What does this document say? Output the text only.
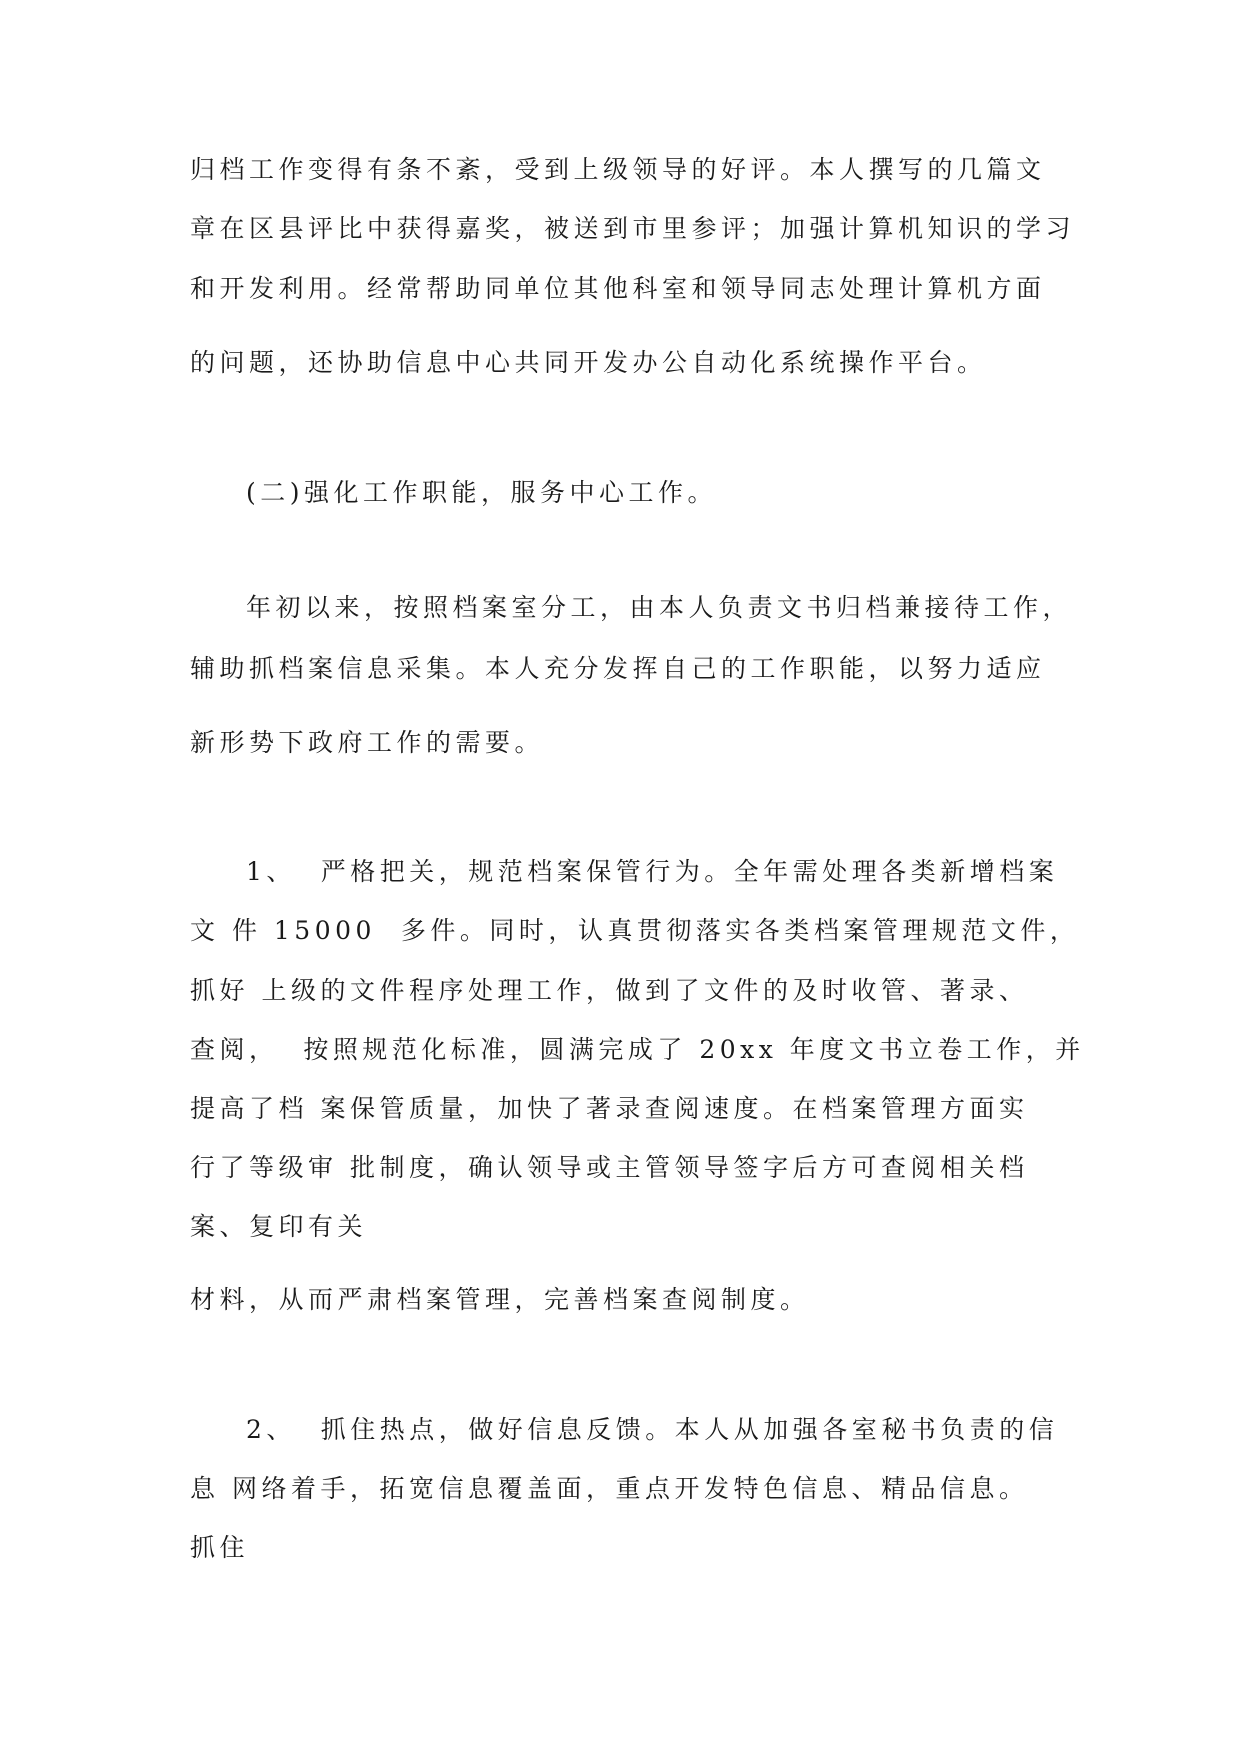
归档工作变得有条不紊，受到上级领导的好评。本人撰写的几篇文
章在区县评比中获得嘉奖，被送到市里参评；加强计算机知识的学习
和开发利用。经常帮助同单位其他科室和领导同志处理计算机方面
的问题，还协助信息中心共同开发办公自动化系统操作平台。
(二)强化工作职能，服务中心工作。
年初以来，按照档案室分工，由本人负责文书归档兼接待工作，
辅助抓档案信息采集。本人充分发挥自己的工作职能，以努力适应
新形势下政府工作的需要。
1、  严格把关，规范档案保管行为。全年需处理各类新增档案
文 件 15000  多件。同时，认真贯彻落实各类档案管理规范文件，
抓好 上级的文件程序处理工作，做到了文件的及时收管、著录、
查阅，  按照规范化标准，圆满完成了 20xx 年度文书立卷工作，并
提高了档 案保管质量，加快了著录查阅速度。在档案管理方面实
行了等级审 批制度，确认领导或主管领导签字后方可查阅相关档
案、复印有关
材料，从而严肃档案管理，完善档案查阅制度。
2、  抓住热点，做好信息反馈。本人从加强各室秘书负责的信
息 网络着手，拓宽信息覆盖面，重点开发特色信息、精品信息。
抓住
